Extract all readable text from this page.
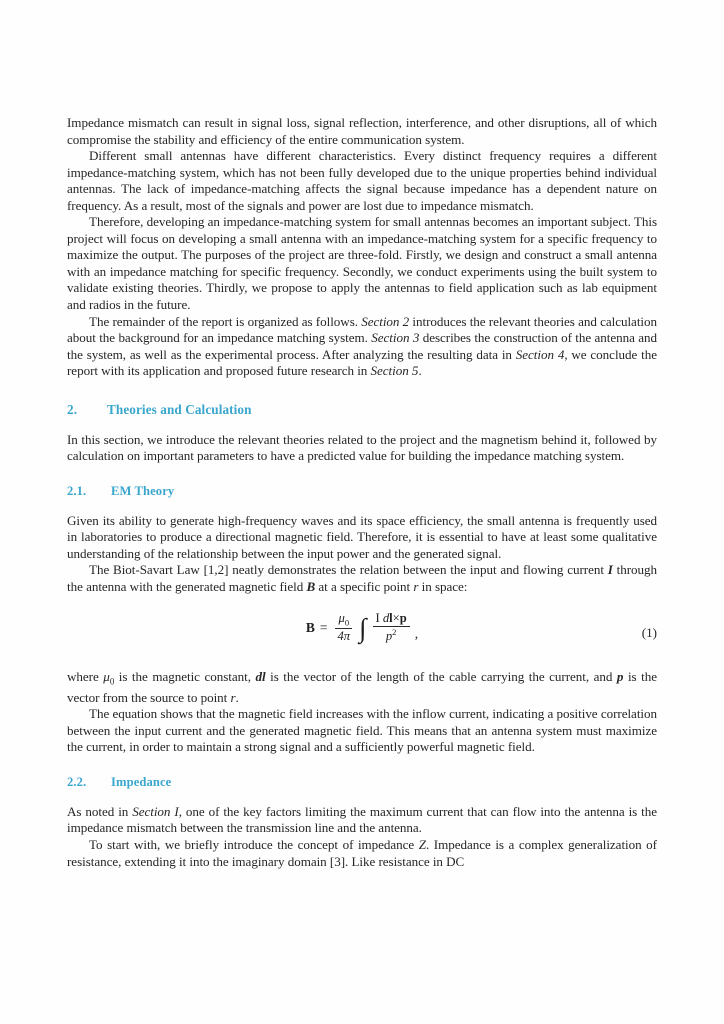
Impedance mismatch can result in signal loss, signal reflection, interference, and other disruptions, all of which compromise the stability and efficiency of the entire communication system.

Different small antennas have different characteristics. Every distinct frequency requires a different impedance-matching system, which has not been fully developed due to the unique properties behind individual antennas. The lack of impedance-matching affects the signal because impedance has a dependent nature on frequency. As a result, most of the signals and power are lost due to impedance mismatch.

Therefore, developing an impedance-matching system for small antennas becomes an important subject. This project will focus on developing a small antenna with an impedance-matching system for a specific frequency to maximize the output. The purposes of the project are three-fold. Firstly, we design and construct a small antenna with an impedance matching for specific frequency. Secondly, we conduct experiments using the built system to validate existing theories. Thirdly, we propose to apply the antennas to field application such as lab equipment and radios in the future.

The remainder of the report is organized as follows. Section 2 introduces the relevant theories and calculation about the background for an impedance matching system. Section 3 describes the construction of the antenna and the system, as well as the experimental process. After analyzing the resulting data in Section 4, we conclude the report with its application and proposed future research in Section 5.

2. Theories and Calculation

In this section, we introduce the relevant theories related to the project and the magnetism behind it, followed by calculation on important parameters to have a predicted value for building the impedance matching system.

2.1. EM Theory

Given its ability to generate high-frequency waves and its space efficiency, the small antenna is frequently used in laboratories to produce a directional magnetic field. Therefore, it is essential to have at least some qualitative understanding of the relationship between the input power and the generated signal.

The Biot-Savart Law [1,2] neatly demonstrates the relation between the input and flowing current I through the antenna with the generated magnetic field B at a specific point r in space:

$B = \frac{\mu_0}{4\pi}$ ∫ $\frac{\text{I dl×p}}{p^2}$ ,	(1)

where $\mu_0$ is the magnetic constant, dl is the vector of the length of the cable carrying the current, and p is the vector from the source to point r.

The equation shows that the magnetic field increases with the inflow current, indicating a positive correlation between the input current and the generated magnetic field. This means that an antenna system must maximize the current, in order to maintain a strong signal and a sufficiently powerful magnetic field.

2.2. Impedance

As noted in Section I, one of the key factors limiting the maximum current that can flow into the antenna is the impedance mismatch between the transmission line and the antenna.

To start with, we briefly introduce the concept of impedance Z. Impedance is a complex generalization of resistance, extending it into the imaginary domain [3]. Like resistance in DC
